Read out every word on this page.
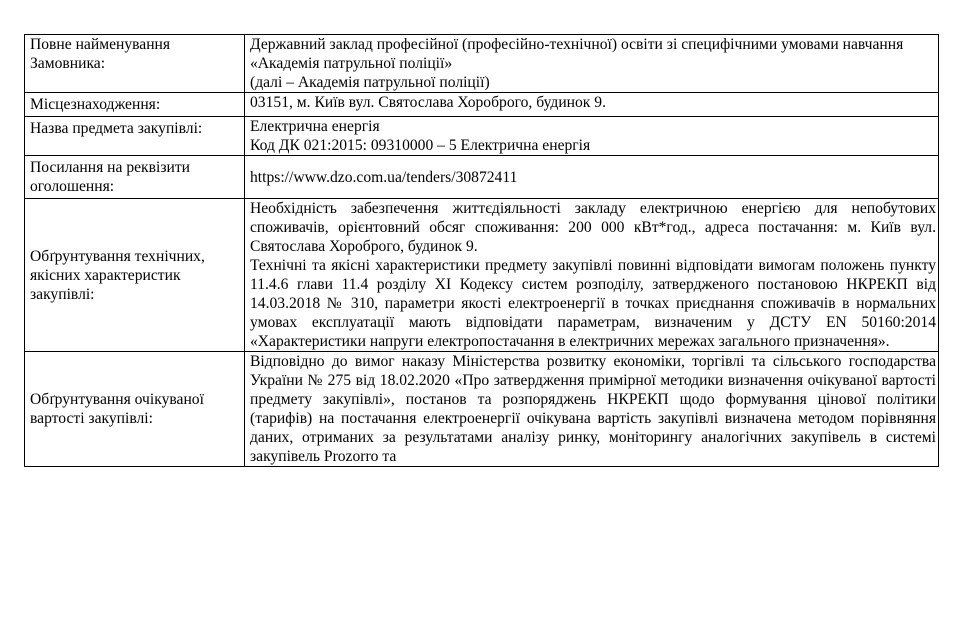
Повне найменування Замовника:	Державний заклад професійної (професійно-технічної) освіти зі специфічними умовами навчання «Академія патрульної поліції»

(далі – Академія патрульної поліції)

Місцезнаходження:	03151, м. Київ вул. Святослава Хороброго, будинок 9.

Назва предмета закупівлі:	Електрична енергія

Код ДК 021:2015: 09310000 – 5 Електрична енергія

Посилання на реквізити оголошення:	https://www.dzo.com.ua/tenders/30872411

Обґрунтування технічних, якісних характеристик закупівлі:	Необхідність забезпечення життєдіяльності закладу електричною енергією для непобутових споживачів, орієнтовний обсяг споживання: 200 000 кВт*год., адреса постачання: м. Київ вул. Святослава Хороброго, будинок 9.

Технічні та якісні характеристики предмету закупівлі повинні відповідати вимогам положень пункту 11.4.6 глави 11.4 розділу XI Кодексу систем розподілу, затвердженого постановою НКРЕКП від 14.03.2018 № 310, параметри якості електроенергії в точках приєднання споживачів в нормальних умовах експлуатації мають відповідати параметрам, визначеним у ДСТУ EN 50160:2014 «Характеристики напруги електропостачання в електричних мережах загального призначення».

Обґрунтування очікуваної вартості закупівлі:	Відповідно до вимог наказу Міністерства розвитку економіки, торгівлі та сільського господарства України № 275 від 18.02.2020 «Про затвердження примірної методики визначення очікуваної вартості предмету закупівлі», постанов та розпоряджень НКРЕКП щодо формування цінової політики (тарифів) на постачання електроенергії очікувана вартість закупівлі визначена методом порівняння даних, отриманих за результатами аналізу ринку, моніторингу аналогічних закупівель в системі закупівель Prozorro та
